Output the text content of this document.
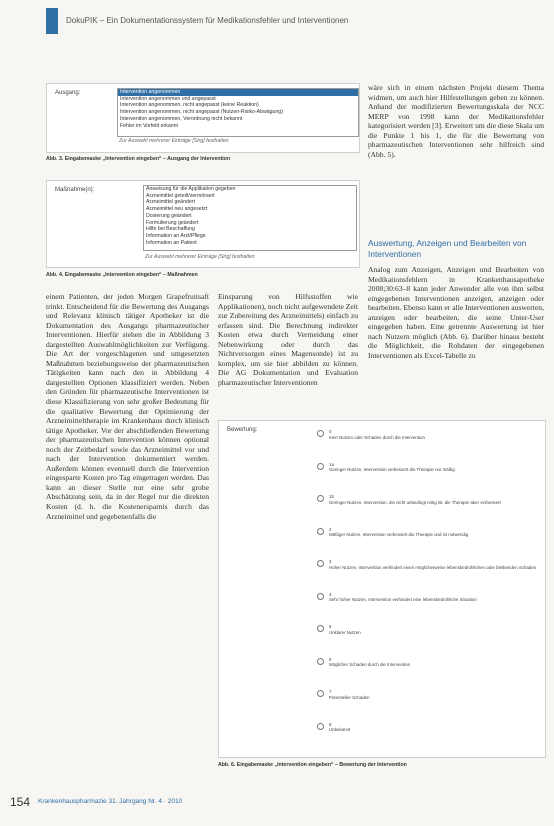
DokuPIK – Ein Dokumentationssystem für Medikationsfehler und Interventionen
Ausgang:	Intervention angenommen
Intervention angenommen und angepasst
Intervention angenommen, nicht angepasst (keine Reaktion)
Intervention angenommen, nicht angepasst (Nutzen-Risiko-Abwägung)
Intervention angenommen, Verordnung nicht bekannt
Fehler im Vorfeld erkannt
Zur Auswahl mehrerer Einträge [Strg] festhalten
Abb. 3. Eingabemaske „Intervention eingeben“ – Ausgang der Intervention
Maßnahme(n):	Anweisung für die Applikation gegeben
Arzneimittel geteilt/zermörsert
Arzneimittel geändert
Arzneimittel neu angesetzt
Dosierung geändert
Formulierung geändert
Hilfe bei Beschaffung
Information an Arzt/Pflege
Information an Patient
Zur Auswahl mehrerer Einträge [Strg] festhalten
Abb. 4. Eingabemaske „Intervention eingeben“ – Maßnahmen

einem Patienten, der jeden Morgen Grapefruitsaft trinkt. Entscheidend für die Bewertung des Ausgangs und Relevanz klinisch tätiger Apotheker ist die Dokumentation des Ausgangs pharmazeutischer Interventionen. Hierfür stehen die in Abbildung 3 dargestellten Auswahlmöglichkeiten zur Verfügung. Die Art der vorgeschlagenen und umgesetzten Maßnahmen beziehungsweise der pharmazeutischen Tätigkeiten kann nach den in Abbildung 4 dargestellten Optionen klassifiziert werden. Neben den Gründen für pharmazeutische Interventionen ist diese Klassifizierung von sehr großer Bedeutung für die qualitative Bewertung der Optimierung der Arzneimitteltherapie im Krankenhaus durch klinisch tätige Apotheker. Vor der abschließenden Bewertung der pharmazeutischen Intervention können optional noch der Zeitbedarf sowie das Arzneimittel vor und nach der Intervention dokumentiert werden. Außerdem können eventuell durch die Intervention eingesparte Kosten pro Tag eingetragen werden. Das kann an dieser Stelle nur eine sehr grobe Abschätzung sein, da in der Regel nur die direkten Kosten (d. h. die Kostenersparnis durch das Arzneimittel und gegebenenfalls die

Einsparung von Hilfsstoffen wie Applikationen), noch nicht aufgewendete Zeit zur Zubereitung des Arzneimittels) einfach zu erfassen sind. Die Berechnung indirekter Kosten etwa durch Vermeidung einer Nebenwirkung oder durch das Nichtversorgen eines Magensonde) ist zu komplex, um sie hier abbilden zu können. Die AG Dokumentation und Evaluation pharmazeutischer Interventionen

wäre sich in einem nächsten Projekt diesem Thema widmen, um auch hier Hilfestellungen geben zu können. Anhand der modifizierten Bewertungsskala der NCC MERP von 1998 kann der Medikationsfehler kategorisiert werden [3]. Erweitert um die diese Skala um die Punkte 1 bis 1, die für die Bewertung von pharmazeutischen Interventionen sehr hilfreich sind (Abb. 5).

Auswertung, Anzeigen und Bearbeiten von Interventionen

Analog zum Anzeigen, Anzeigen und Bearbeiten von Medikationsfehlern in Krankenhausapotheke 2008;30:63–8 kann jeder Anwender alle von ihm selbst eingegebenen Interventionen anzeigen, anzeigen oder bearbeiten. Ebenso kann er alle Interventionen auswerten, anzeigen oder bearbeiten, die seine Unter-User eingegeben haben. Eine getrennte Auswertung ist hier nach Nutzern möglich (Abb. 6). Darüber hinaus besteht die Möglichkeit, die Rohdaten der eingegebenen Interventionen als Excel-Tabelle zu

Bewertung:	0
Kein Nutzen oder Schaden durch die Intervention
1a
Geringer Nutzen, Intervention verbessert die Therapie nur mäßig
1b
Geringer Nutzen, Intervention, die nicht unbedingt nötig ist, die Therapie aber verbessert
2
Mäßiger Nutzen, Intervention verbessert die Therapie und ist notwendig
3
Hoher Nutzen, Intervention verhindert einen möglicherweise lebensbedrohlichen oder bleibenden Schaden
4
Sehr hoher Nutzen, Intervention verhindert eine lebensbedrohliche Situation
5
Unklarer Nutzen
6
Möglicher Schaden durch die Intervention
7
Potentieller Schaden
8
Unbekannt
Abb. 6. Eingabemaske „Intervention eingeben“ – Bewertung der Intervention
154 Krankenhauspharmazie 31. Jahrgang Nr. 4 · 2010
